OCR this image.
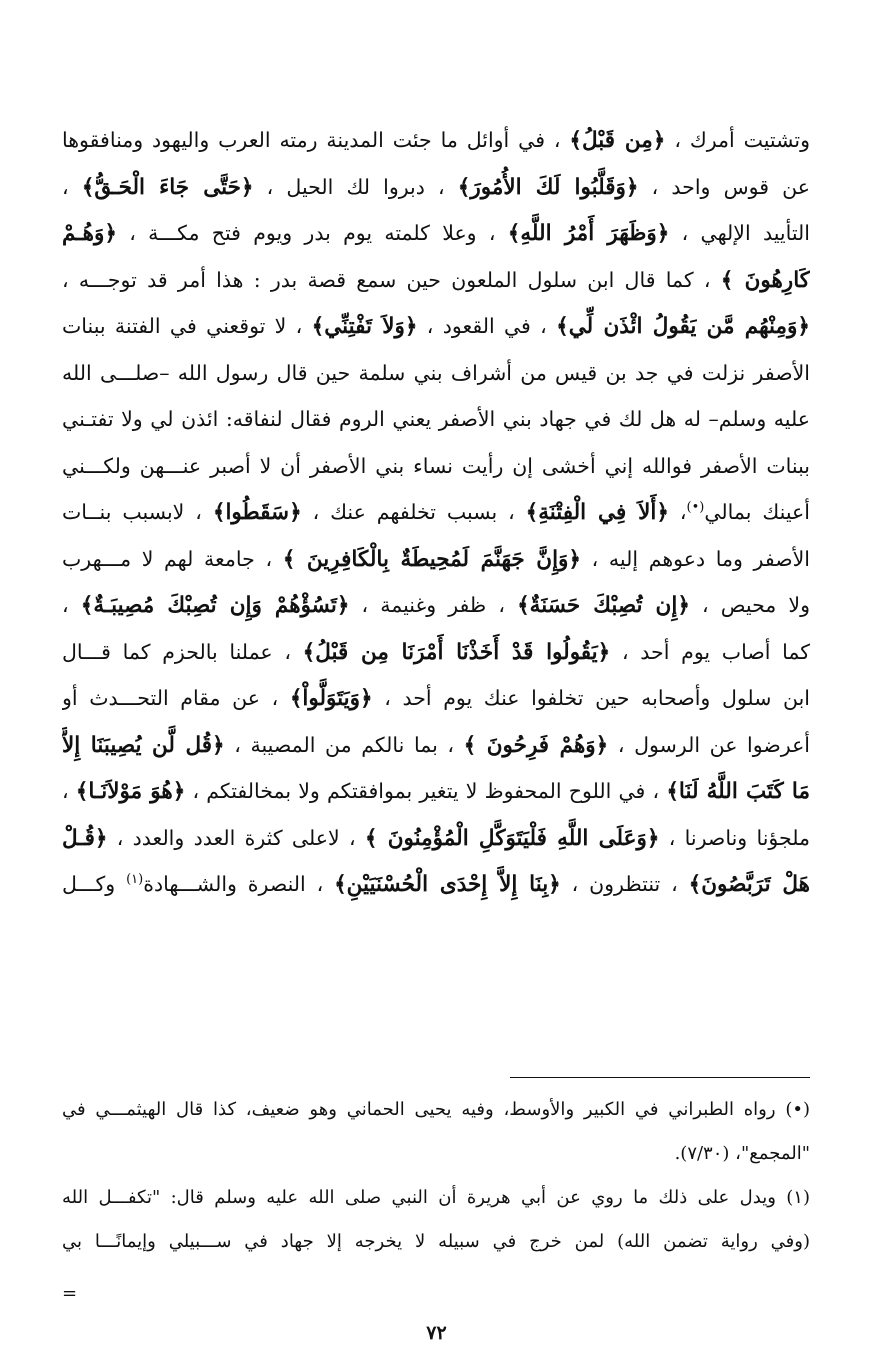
وتشتيت أمرك ، ﴿مِن قَبْلُ﴾ ، في أوائل ما جئت المدينة رمته العرب واليهود ومنافقوها
عن قوس واحد ، ﴿وَقَلَّبُوا لَكَ الأُمُورَ﴾ ، دبروا لك الحيل ، ﴿حَتَّى جَاءَ الْحَـقُّ﴾ ،
التأييد الإلهي ، ﴿وَظَهَرَ أَمْرُ اللَّهِ﴾ ، وعلا كلمته يوم بدر ويوم فتح مكـــة ، ﴿وَهُـمْ
كَارِهُونَ ﴾ ، كما قال ابن سلول الملعون حين سمع قصة بدر : هذا أمر قد توجـــه ،
﴿وَمِنْهُم مَّن يَقُولُ ائْذَن لِّي﴾ ، في القعود ، ﴿وَلاَ تَفْتِنِّي﴾ ، لا توقعني في الفتنة ببنات
الأصفر نزلت في جد بن قيس من أشراف بني سلمة حين قال رسول الله –صلـــى الله
عليه وسلم– له هل لك في جهاد بني الأصفر يعني الروم فقال لنفاقه: ائذن لي ولا تفتـني
ببنات الأصفر فوالله إني أخشى إن رأيت نساء بني الأصفر أن لا أصبر عنـــهن ولكـــني
أعينك بمالي(•)، ﴿أَلاَ فِي الْفِتْنَةِ﴾ ، بسبب تخلفهم عنك ، ﴿سَقَطُوا﴾ ، لابسبب بنــات
الأصفر وما دعوهم إليه ، ﴿وَإِنَّ جَهَنَّمَ لَمُحِيطَةٌ بِالْكَافِرِينَ ﴾ ، جامعة لهم لا مـــهرب
ولا محيص ، ﴿إِن تُصِبْكَ حَسَنَةٌ﴾ ، ظفر وغنيمة ، ﴿تَسُؤْهُمْ وَإِن تُصِبْكَ مُصِيبَـةٌ﴾ ،
كما أصاب يوم أحد ، ﴿يَقُولُوا قَدْ أَخَذْنَا أَمْرَنَا مِن قَبْلُ﴾ ، عملنا بالحزم كما قـــال
ابن سلول وأصحابه حين تخلفوا عنك يوم أحد ، ﴿وَيَتَوَلَّواْ﴾ ، عن مقام التحـــدث أو
أعرضوا عن الرسول ، ﴿وَهُمْ فَرِحُونَ ﴾ ، بما نالكم من المصيبة ، ﴿قُل لَّن يُصِيبَنَا إِلاَّ
مَا كَتَبَ اللَّهُ لَنَا﴾ ، في اللوح المحفوظ لا يتغير بموافقتكم ولا بمخالفتكم ، ﴿هُوَ مَوْلاَنَـا﴾ ،
ملجؤنا وناصرنا ، ﴿وَعَلَى اللَّهِ فَلْيَتَوَكَّلِ الْمُؤْمِنُونَ ﴾ ، لاعلى كثرة العدد والعدد ، ﴿قُـلْ
هَلْ تَرَبَّصُونَ﴾ ، تنتظرون ، ﴿بِنَا إِلاَّ إِحْدَى الْحُسْنَيَيْنِ﴾ ، النصرة والشـــهادة$^{(١)}$ وكـــل
(•) رواه الطبراني في الكبير والأوسط، وفيه يحيى الحماني وهو ضعيف، كذا قال الهيثمـــي في
"المجمع"، (٧/٣٠).
(١) ويدل على ذلك ما روي عن أبي هريرة أن النبي صلى الله عليه وسلم قال: "تكفـــل الله
(وفي رواية تضمن الله) لمن خرج في سبيله لا يخرجه إلا جهاد في ســـبيلي وإيمانًـــا بي
=
٧٢
